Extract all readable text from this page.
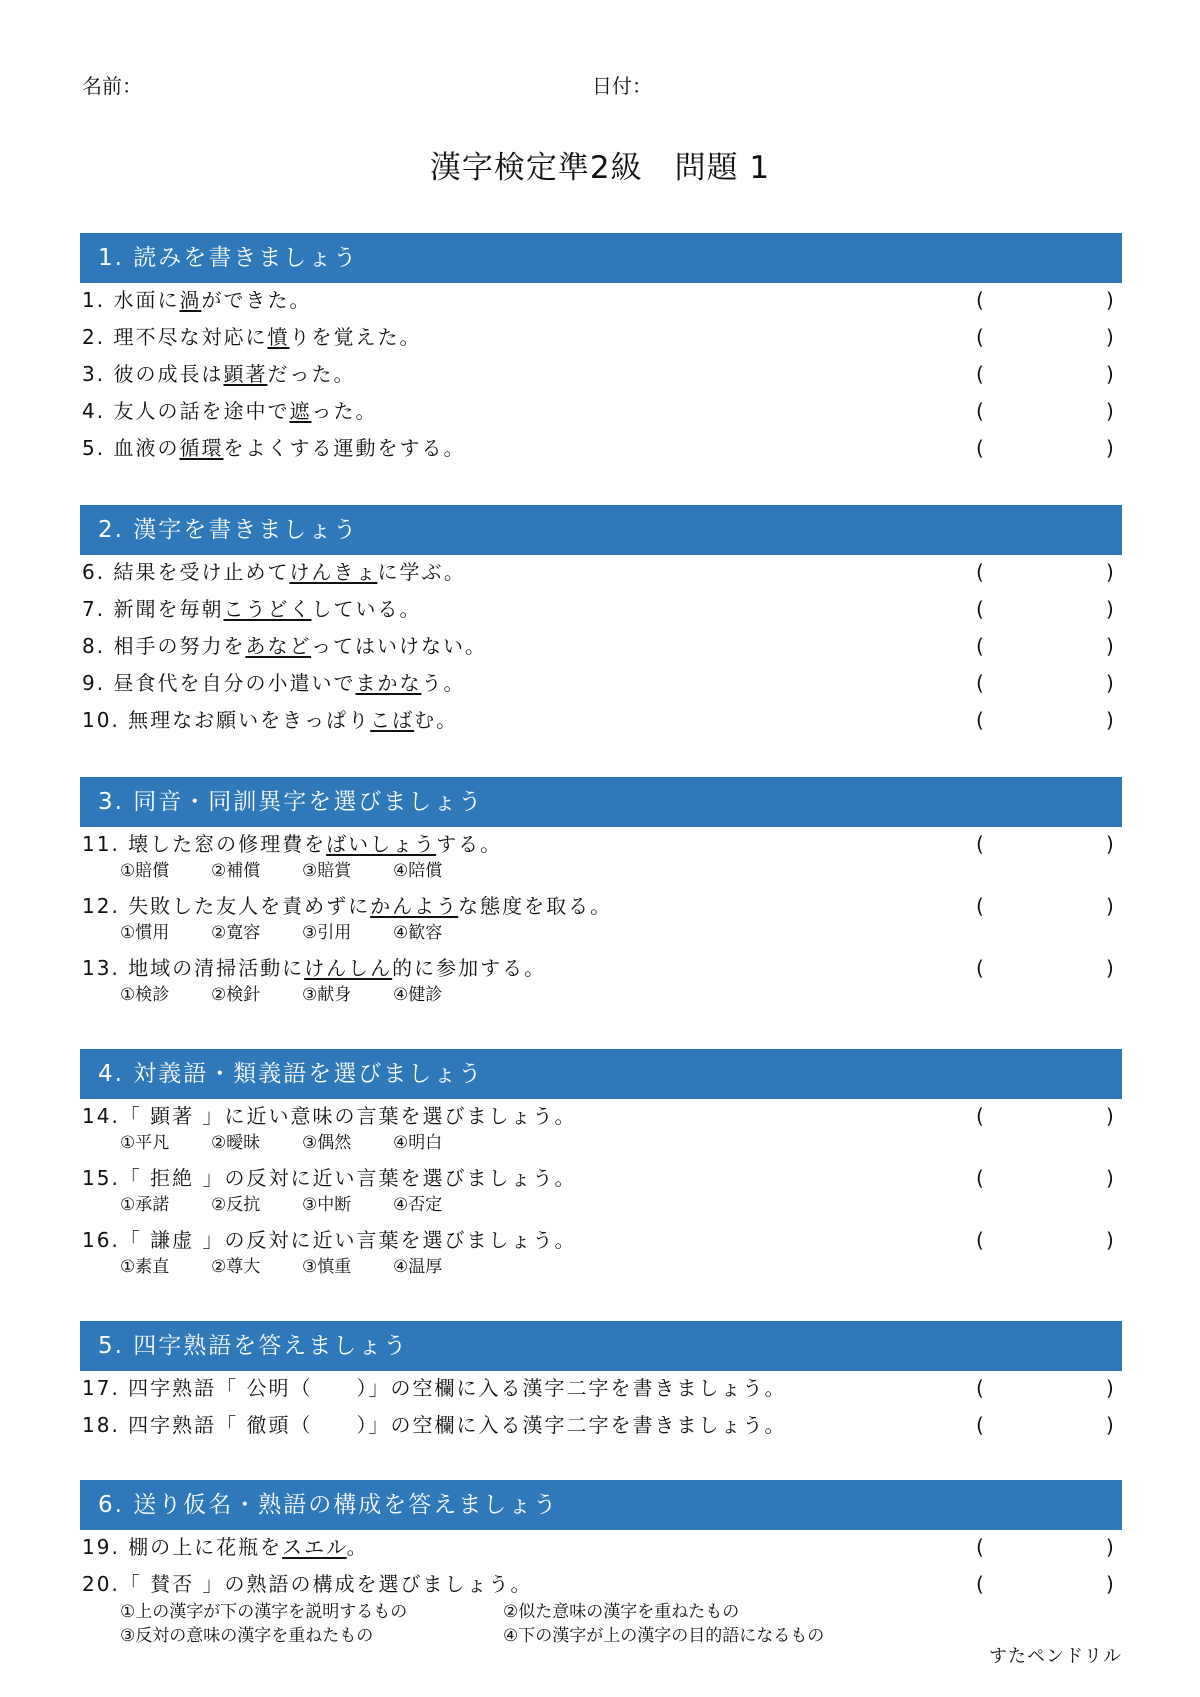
名前：	日付：
漢字検定準2級　問題 1
1. 読みを書きましょう
1. 水面に渦ができた。	(	)
2. 理不尽な対応に憤りを覚えた。	(	)
3. 彼の成長は顕著だった。	(	)
4. 友人の話を途中で遮った。	(	)
5. 血液の循環をよくする運動をする。	(	)
2. 漢字を書きましょう
6. 結果を受け止めてけんきょに学ぶ。	(	)
7. 新聞を毎朝こうどくしている。	(	)
8. 相手の努力をあなどってはいけない。	(	)
9. 昼食代を自分の小遣いでまかなう。	(	)
10. 無理なお願いをきっぱりこばむ。	(	)
3. 同音・同訓異字を選びましょう
11. 壊した窓の修理費をばいしょうする。	(	)
①賠償 ②補償 ③賠賞 ④陪償
12. 失敗した友人を責めずにかんような態度を取る。	(	)
①慣用 ②寛容 ③引用 ④歓容
13. 地域の清掃活動にけんしん的に参加する。	(	)
①検診 ②検針 ③献身 ④健診
4. 対義語・類義語を選びましょう
14.「 顕著 」に近い意味の言葉を選びましょう。	(	)
①平凡 ②曖昧 ③偶然 ④明白
15.「 拒絶 」の反対に近い言葉を選びましょう。	(	)
①承諾 ②反抗 ③中断 ④否定
16.「 謙虚 」の反対に近い言葉を選びましょう。	(	)
①素直 ②尊大 ③慎重 ④温厚
5. 四字熟語を答えましょう
17. 四字熟語「 公明（　　）」の空欄に入る漢字二字を書きましょう。	(	)
18. 四字熟語「 徹頭（　　）」の空欄に入る漢字二字を書きましょう。	(	)
6. 送り仮名・熟語の構成を答えましょう
19. 棚の上に花瓶をスエル。	(	)
20.「 賛否 」の熟語の構成を選びましょう。	(	)
①上の漢字が下の漢字を説明するもの	②似た意味の漢字を重ねたもの
③反対の意味の漢字を重ねたもの	④下の漢字が上の漢字の目的語になるもの
すたペンドリル
